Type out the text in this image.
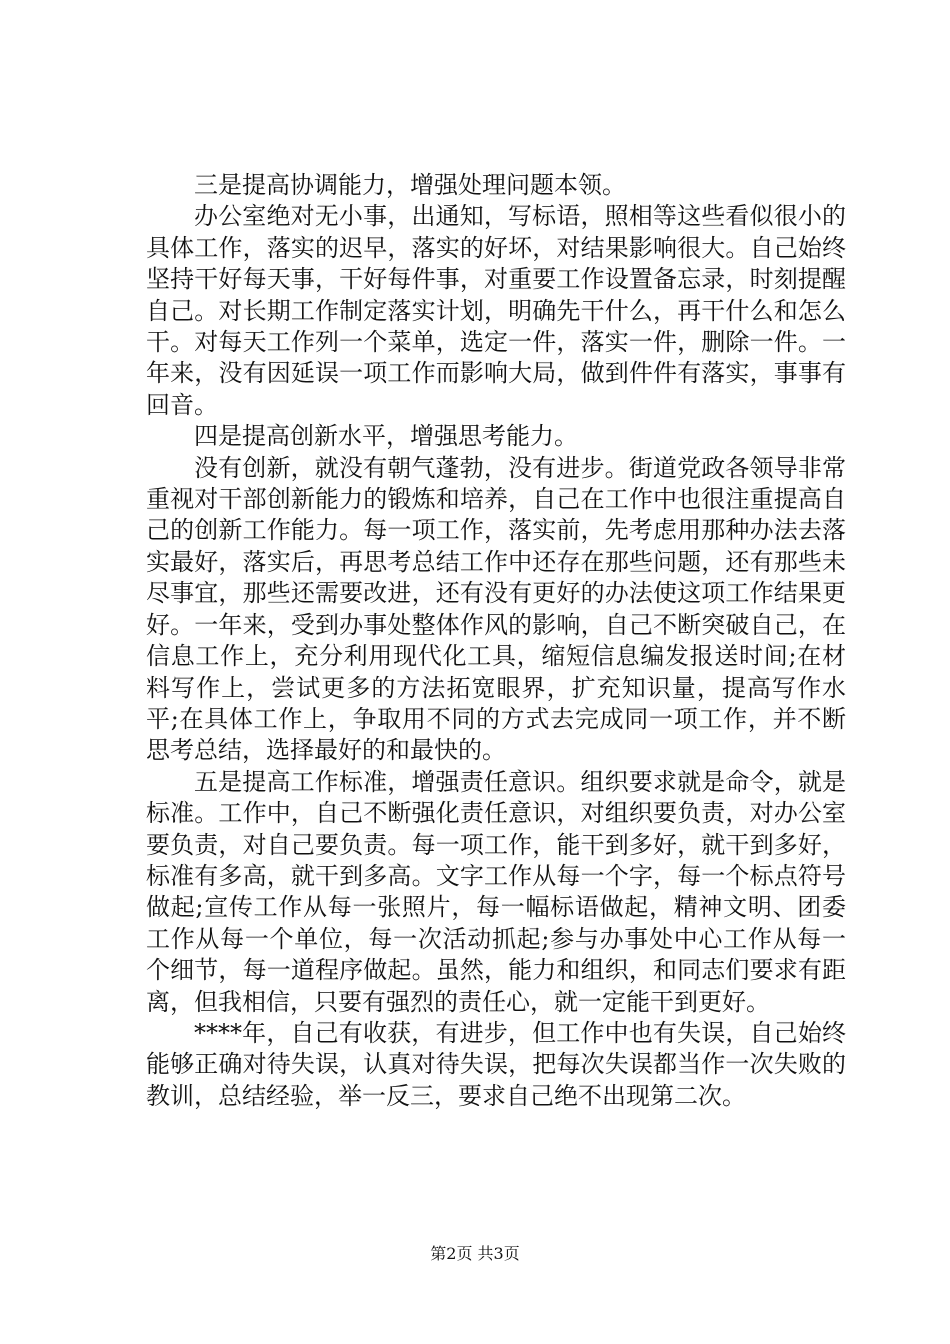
三是提高协调能力，增强处理问题本领。

办公室绝对无小事，出通知，写标语，照相等这些看似很小的具体工作，落实的迟早，落实的好坏，对结果影响很大。自己始终坚持干好每天事，干好每件事，对重要工作设置备忘录，时刻提醒自己。对长期工作制定落实计划，明确先干什么，再干什么和怎么干。对每天工作列一个菜单，选定一件，落实一件，删除一件。一年来，没有因延误一项工作而影响大局，做到件件有落实，事事有回音。

四是提高创新水平，增强思考能力。

没有创新，就没有朝气蓬勃，没有进步。街道党政各领导非常重视对干部创新能力的锻炼和培养，自己在工作中也很注重提高自己的创新工作能力。每一项工作，落实前，先考虑用那种办法去落实最好，落实后，再思考总结工作中还存在那些问题，还有那些未尽事宜，那些还需要改进，还有没有更好的办法使这项工作结果更好。一年来，受到办事处整体作风的影响，自己不断突破自己，在信息工作上，充分利用现代化工具，缩短信息编发报送时间;在材料写作上，尝试更多的方法拓宽眼界，扩充知识量，提高写作水平;在具体工作上，争取用不同的方式去完成同一项工作，并不断思考总结，选择最好的和最快的。

五是提高工作标准，增强责任意识。组织要求就是命令，就是标准。工作中，自己不断强化责任意识，对组织要负责，对办公室要负责，对自己要负责。每一项工作，能干到多好，就干到多好，标准有多高，就干到多高。文字工作从每一个字，每一个标点符号做起;宣传工作从每一张照片，每一幅标语做起，精神文明、团委工作从每一个单位，每一次活动抓起;参与办事处中心工作从每一个细节，每一道程序做起。虽然，能力和组织，和同志们要求有距离，但我相信，只要有强烈的责任心，就一定能干到更好。

****年，自己有收获，有进步，但工作中也有失误，自己始终能够正确对待失误，认真对待失误，把每次失误都当作一次失败的教训，总结经验，举一反三，要求自己绝不出现第二次。

第2页 共3页
